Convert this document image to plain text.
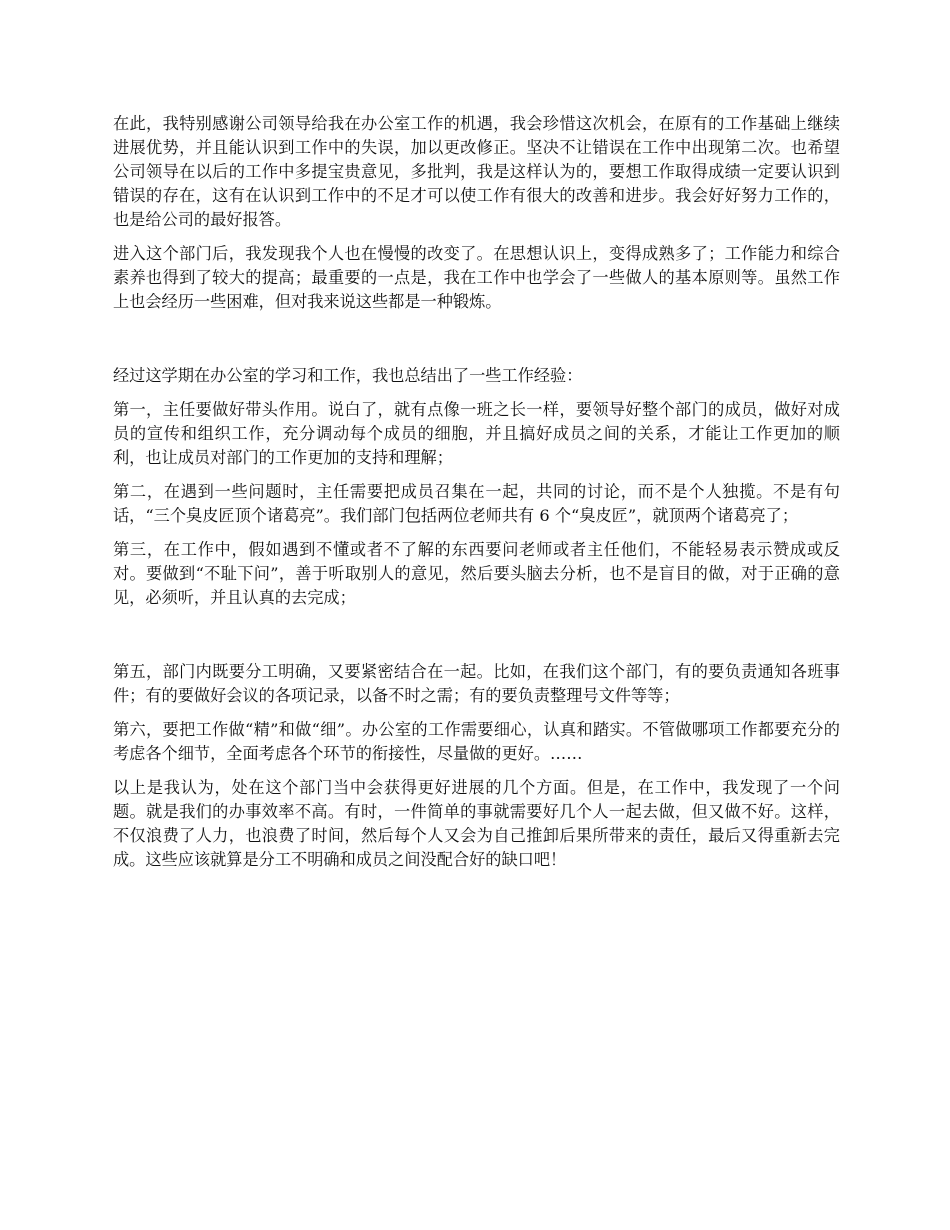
在此，我特别感谢公司领导给我在办公室工作的机遇，我会珍惜这次机会，在原有的工作基础上继续进展优势，并且能认识到工作中的失误，加以更改修正。坚决不让错误在工作中出现第二次。也希望公司领导在以后的工作中多提宝贵意见，多批判，我是这样认为的，要想工作取得成绩一定要认识到错误的存在，这有在认识到工作中的不足才可以使工作有很大的改善和进步。我会好好努力工作的，也是给公司的最好报答。

进入这个部门后，我发现我个人也在慢慢的改变了。在思想认识上，变得成熟多了；工作能力和综合素养也得到了较大的提高；最重要的一点是，我在工作中也学会了一些做人的基本原则等。虽然工作上也会经历一些困难，但对我来说这些都是一种锻炼。

经过这学期在办公室的学习和工作，我也总结出了一些工作经验：

第一，主任要做好带头作用。说白了，就有点像一班之长一样，要领导好整个部门的成员，做好对成员的宣传和组织工作，充分调动每个成员的细胞，并且搞好成员之间的关系，才能让工作更加的顺利，也让成员对部门的工作更加的支持和理解；

第二，在遇到一些问题时，主任需要把成员召集在一起，共同的讨论，而不是个人独揽。不是有句话，“三个臭皮匠顶个诸葛亮”。我们部门包括两位老师共有 6 个“臭皮匠”，就顶两个诸葛亮了；

第三，在工作中，假如遇到不懂或者不了解的东西要问老师或者主任他们，不能轻易表示赞成或反对。要做到“不耻下问”，善于听取别人的意见，然后要头脑去分析，也不是盲目的做，对于正确的意见，必须听，并且认真的去完成；

第五，部门内既要分工明确，又要紧密结合在一起。比如，在我们这个部门，有的要负责通知各班事件；有的要做好会议的各项记录，以备不时之需；有的要负责整理号文件等等；

第六，要把工作做“精”和做“细”。办公室的工作需要细心，认真和踏实。不管做哪项工作都要充分的考虑各个细节，全面考虑各个环节的衔接性，尽量做的更好。……

以上是我认为，处在这个部门当中会获得更好进展的几个方面。但是，在工作中，我发现了一个问题。就是我们的办事效率不高。有时，一件简单的事就需要好几个人一起去做，但又做不好。这样，不仅浪费了人力，也浪费了时间，然后每个人又会为自己推卸后果所带来的责任，最后又得重新去完成。这些应该就算是分工不明确和成员之间没配合好的缺口吧！
